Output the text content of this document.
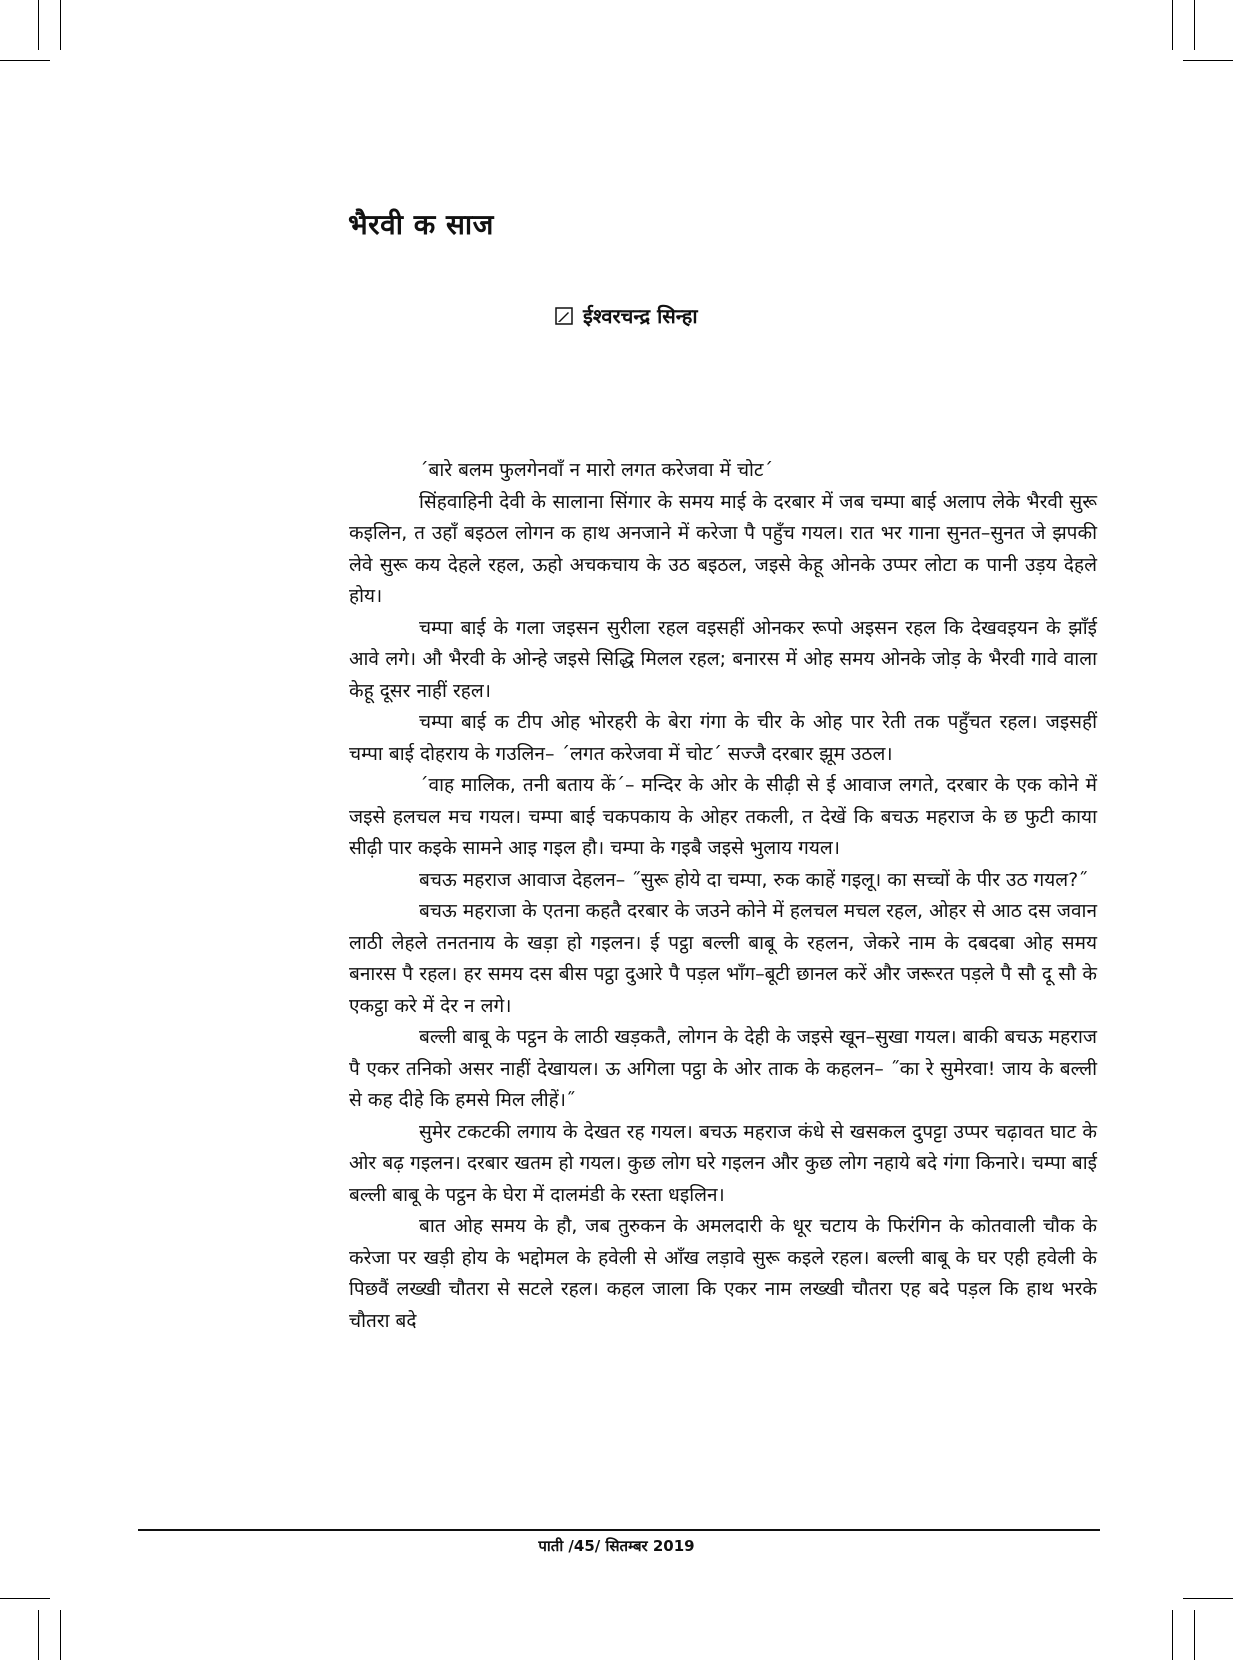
भैरवी क साज
ईश्वरचन्द्र सिन्हा

´बारे बलम फुलगेनवाँ न मारो लगत करेजवा में चोट´

सिंहवाहिनी देवी के सालाना सिंगार के समय माई के दरबार में जब चम्पा बाई अलाप लेके भैरवी सुरू कइलिन, त उहाँ बइठल लोगन क हाथ अनजाने में करेजा पै पहुँच गयल। रात भर गाना सुनत–सुनत जे झपकी लेवे सुरू कय देहले रहल, ऊहो अचकचाय के उठ बइठल, जइसे केहू ओनके उप्पर लोटा क पानी उड़य देहले होय।

चम्पा बाई के गला जइसन सुरीला रहल वइसहीं ओनकर रूपो अइसन रहल कि देखवइयन के झाँई आवे लगे। औ भैरवी के ओन्हे जइसे सिद्धि मिलल रहल; बनारस में ओह समय ओनके जोड़ के भैरवी गावे वाला केहू दूसर नाहीं रहल।

चम्पा बाई क टीप ओह भोरहरी के बेरा गंगा के चीर के ओह पार रेती तक पहुँचत रहल। जइसहीं चम्पा बाई दोहराय के गउलिन– ´लगत करेजवा में चोट´ सज्जै दरबार झूम उठल।

´वाह मालिक, तनी बताय कें´– मन्दिर के ओर के सीढ़ी से ई आवाज लगते, दरबार के एक कोने में जइसे हलचल मच गयल। चम्पा बाई चकपकाय के ओहर तकली, त देखें कि बचऊ महराज के छ फुटी काया सीढ़ी पार कइके सामने आइ गइल हौ। चम्पा के गइबै जइसे भुलाय गयल।

बचऊ महराज आवाज देहलन– ˝सुरू होये दा चम्पा, रुक काहें गइलू। का सच्चों के पीर उठ गयल?˝

बचऊ महराजा के एतना कहतै दरबार के जउने कोने में हलचल मचल रहल, ओहर से आठ दस जवान लाठी लेहले तनतनाय के खड़ा हो गइलन। ई पट्ठा बल्ली बाबू के रहलन, जेकरे नाम के दबदबा ओह समय बनारस पै रहल। हर समय दस बीस पट्ठा दुआरे पै पड़ल भाँग–बूटी छानल करें और जरूरत पड़ले पै सौ दू सौ के एकट्ठा करे में देर न लगे।

बल्ली बाबू के पट्ठन के लाठी खड़कतै, लोगन के देही के जइसे खून–सुखा गयल। बाकी बचऊ महराज पै एकर तनिको असर नाहीं देखायल। ऊ अगिला पट्ठा के ओर ताक के कहलन– ˝का रे सुमेरवा! जाय के बल्ली से कह दीहे कि हमसे मिल लीहें।˝

सुमेर टकटकी लगाय के देखत रह गयल। बचऊ महराज कंधे से खसकल दुपट्टा उप्पर चढ़ावत घाट के ओर बढ़ गइलन। दरबार खतम हो गयल। कुछ लोग घरे गइलन और कुछ लोग नहाये बदे गंगा किनारे। चम्पा बाई बल्ली बाबू के पट्ठन के घेरा में दालमंडी के रस्ता धइलिन।

बात ओह समय के हौ, जब तुरुकन के अमलदारी के धूर चटाय के फिरंगिन के कोतवाली चौक के करेजा पर खड़ी होय के भद्दोमल के हवेली से आँख लड़ावे सुरू कइले रहल। बल्ली बाबू के घर एही हवेली के पिछवैं लख्खी चौतरा से सटले रहल। कहल जाला कि एकर नाम लख्खी चौतरा एह बदे पड़ल कि हाथ भरके चौतरा बदे

पाती /45/ सितम्बर 2019
